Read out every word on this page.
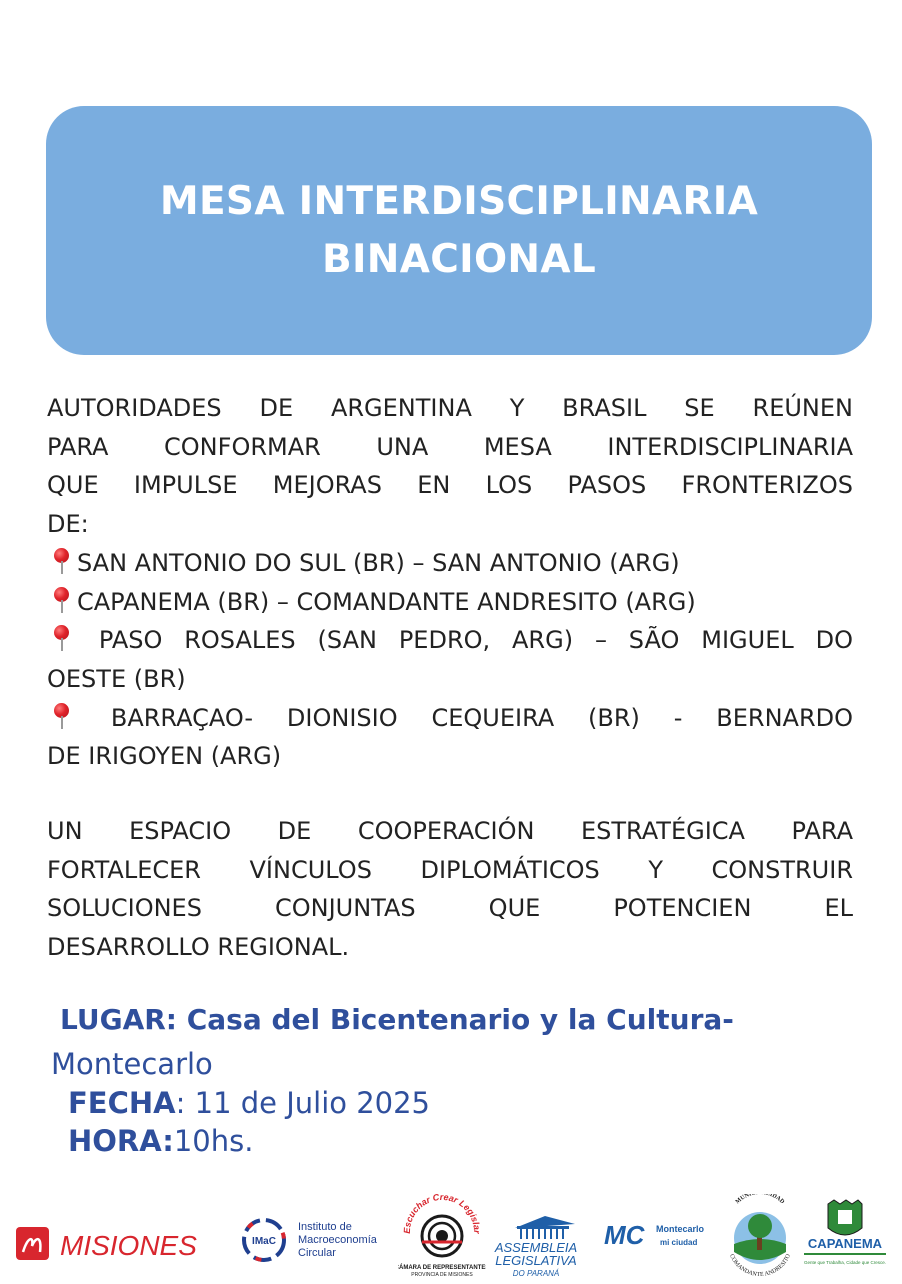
MESA INTERDISCIPLINARIA
BINACIONAL
AUTORIDADES DE ARGENTINA Y BRASIL SE REÚNEN
PARA CONFORMAR UNA MESA INTERDISCIPLINARIA
QUE IMPULSE MEJORAS EN LOS PASOS FRONTERIZOS
DE:
SAN ANTONIO DO SUL (BR) – SAN ANTONIO (ARG)
CAPANEMA (BR) – COMANDANTE ANDRESITO (ARG)
PASO ROSALES (SAN PEDRO, ARG) – SÃO MIGUEL DO
OESTE (BR)
BARRAÇAO- DIONISIO CEQUEIRA (BR) - BERNARDO
DE IRIGOYEN (ARG)
UN ESPACIO DE COOPERACIÓN ESTRATÉGICA PARA
FORTALECER VÍNCULOS DIPLOMÁTICOS Y CONSTRUIR
SOLUCIONES CONJUNTAS QUE POTENCIEN EL
DESARROLLO REGIONAL.
LUGAR: Casa del Bicentenario y la Cultura-
Montecarlo
FECHA: 11 de Julio 2025
HORA:10hs.
MISIONES	IMaC
Instituto de
Macroeconomía
Circular
Escuchar Crear Legislar
CÁMARA DE REPRESENTANTES
PROVINCIA DE MISIONES
ASSEMBLEIA
LEGISLATIVA
DO PARANÁ
MC Montecarlo
mi ciudad
MUNI LIDAD
COMANDANTE ANDRESITO
CAPANEMA
Gente que Trabalha, Cidade que Cresce.
